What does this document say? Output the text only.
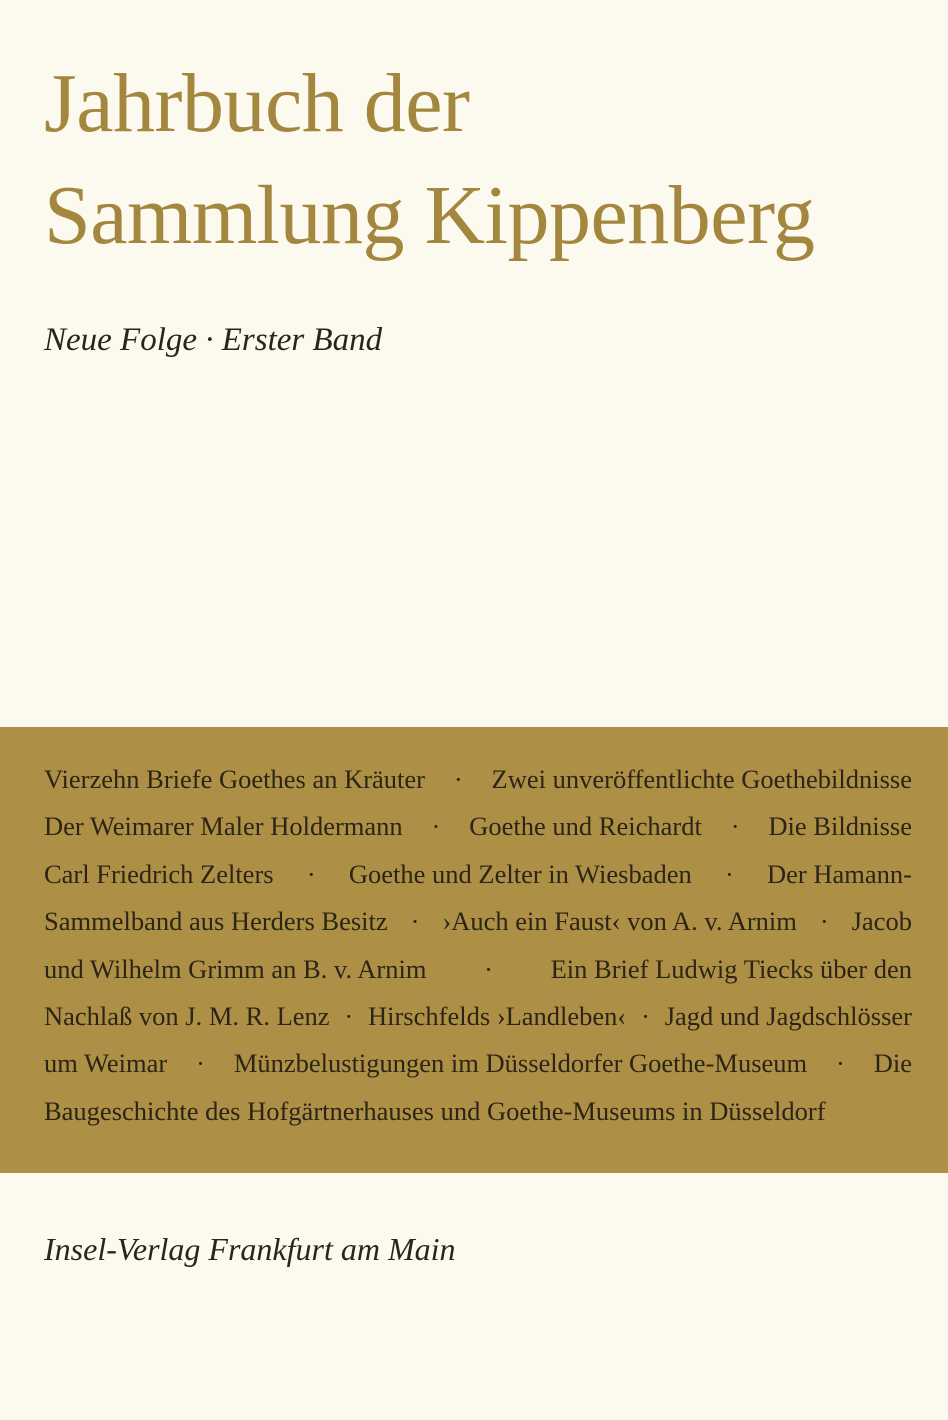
Jahrbuch der
Sammlung Kippenberg

Neue Folge · Erster Band

Vierzehn Briefe Goethes an Kräuter · Zwei unveröffentlichte Goethebildnisse
Der Weimarer Maler Holdermann · Goethe und Reichardt · Die Bildnisse
Carl Friedrich Zelters · Goethe und Zelter in Wiesbaden · Der Hamann-
Sammelband aus Herders Besitz · ›Auch ein Faust‹ von A. v. Arnim · Jacob
und Wilhelm Grimm an B. v. Arnim · Ein Brief Ludwig Tiecks über den
Nachlaß von J. M. R. Lenz · Hirschfelds ›Landleben‹ · Jagd und Jagdschlösser
um Weimar · Münzbelustigungen im Düsseldorfer Goethe-Museum · Die
Baugeschichte des Hofgärtnerhauses und Goethe-Museums in Düsseldorf

Insel-Verlag Frankfurt am Main
